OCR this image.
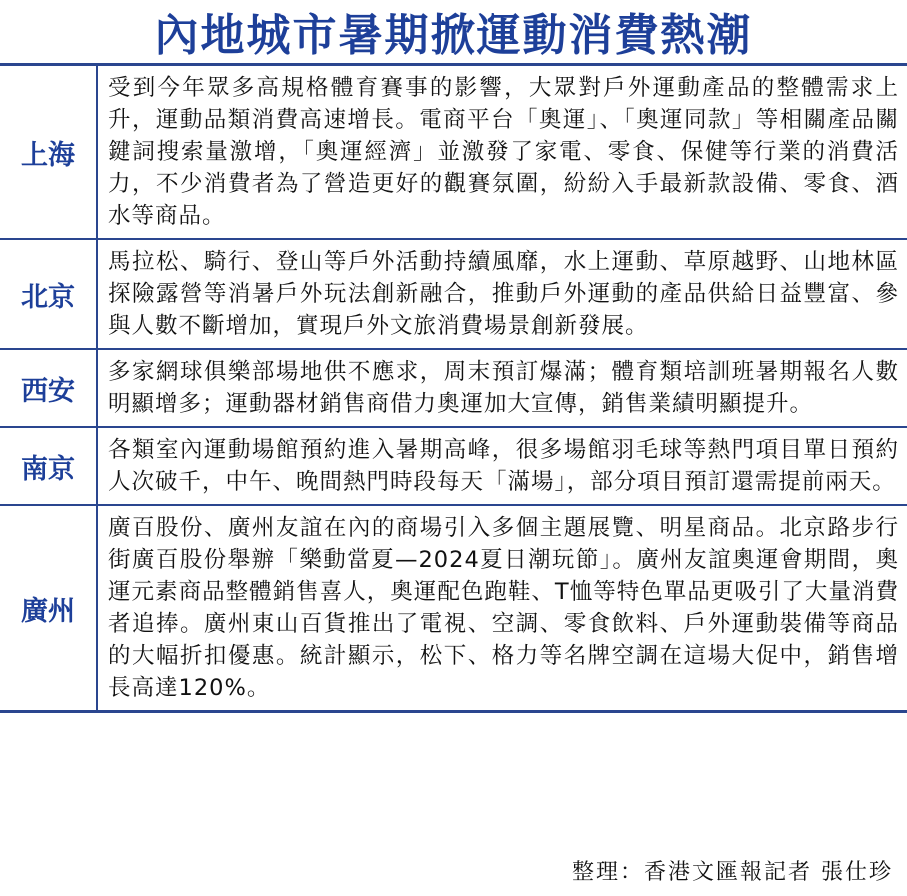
內地城市暑期掀運動消費熱潮
上海
受到今年眾多高規格體育賽事的影響，大眾對戶外運動產品的整體需求上升，運動品類消費高速增長。電商平台「奧運」、「奧運同款」等相關產品關鍵詞搜索量激增，「奧運經濟」並激發了家電、零食、保健等行業的消費活力，不少消費者為了營造更好的觀賽氛圍，紛紛入手最新款設備、零食、酒水等商品。
北京
馬拉松、騎行、登山等戶外活動持續風靡，水上運動、草原越野、山地林區探險露營等消暑戶外玩法創新融合，推動戶外運動的產品供給日益豐富、參與人數不斷增加，實現戶外文旅消費場景創新發展。
西安
多家網球俱樂部場地供不應求，周末預訂爆滿；體育類培訓班暑期報名人數明顯增多；運動器材銷售商借力奧運加大宣傳，銷售業績明顯提升。
南京
各類室內運動場館預約進入暑期高峰，很多場館羽毛球等熱門項目單日預約人次破千，中午、晚間熱門時段每天「滿場」，部分項目預訂還需提前兩天。
廣州
廣百股份、廣州友誼在內的商場引入多個主題展覽、明星商品。北京路步行街廣百股份舉辦「樂動當夏—2024夏日潮玩節」。廣州友誼奧運會期間，奧運元素商品整體銷售喜人，奧運配色跑鞋、T恤等特色單品更吸引了大量消費者追捧。廣州東山百貨推出了電視、空調、零食飲料、戶外運動裝備等商品的大幅折扣優惠。統計顯示，松下、格力等名牌空調在這場大促中，銷售增長高達120%。
整理：香港文匯報記者 張仕珍
